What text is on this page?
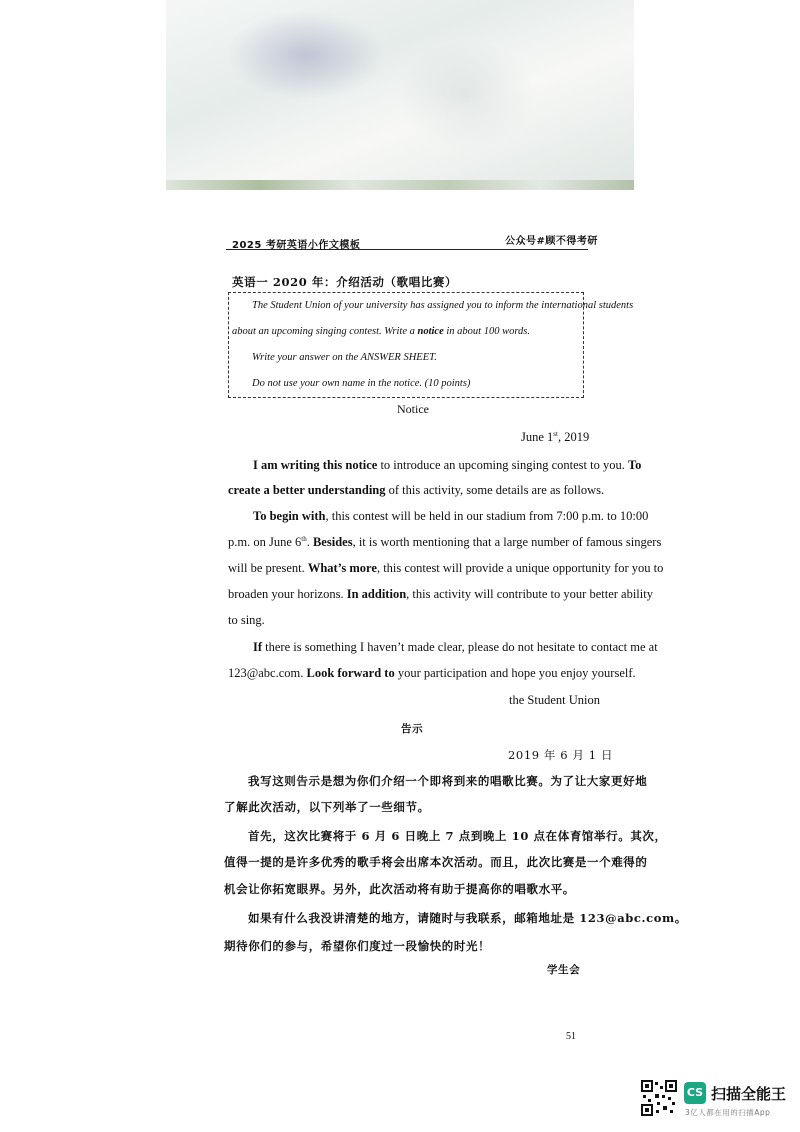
2025 考研英语小作文模板	公众号#顾不得考研
英语一 2020 年：介绍活动（歌唱比赛）
The Student Union of your university has assigned you to inform the international students
about an upcoming singing contest. Write a notice in about 100 words.
Write your answer on the ANSWER SHEET.
Do not use your own name in the notice. (10 points)
Notice
June 1st, 2019
I am writing this notice to introduce an upcoming singing contest to you. To
create a better understanding of this activity, some details are as follows.
To begin with, this contest will be held in our stadium from 7:00 p.m. to 10:00
p.m. on June 6th. Besides, it is worth mentioning that a large number of famous singers
will be present. What’s more, this contest will provide a unique opportunity for you to
broaden your horizons. In addition, this activity will contribute to your better ability
to sing.
If there is something I haven’t made clear, please do not hesitate to contact me at
123@abc.com. Look forward to your participation and hope you enjoy yourself.
the Student Union
告示
2019 年 6 月 1 日
我写这则告示是想为你们介绍一个即将到来的唱歌比赛。为了让大家更好地
了解此次活动，以下列举了一些细节。
首先，这次比赛将于 6 月 6 日晚上 7 点到晚上 10 点在体育馆举行。其次，
值得一提的是许多优秀的歌手将会出席本次活动。而且，此次比赛是一个难得的
机会让你拓宽眼界。另外，此次活动将有助于提高你的唱歌水平。
如果有什么我没讲清楚的地方，请随时与我联系，邮箱地址是 123@abc.com。
期待你们的参与，希望你们度过一段愉快的时光！
学生会
51
CS 扫描全能王
3亿人都在用的扫描App
